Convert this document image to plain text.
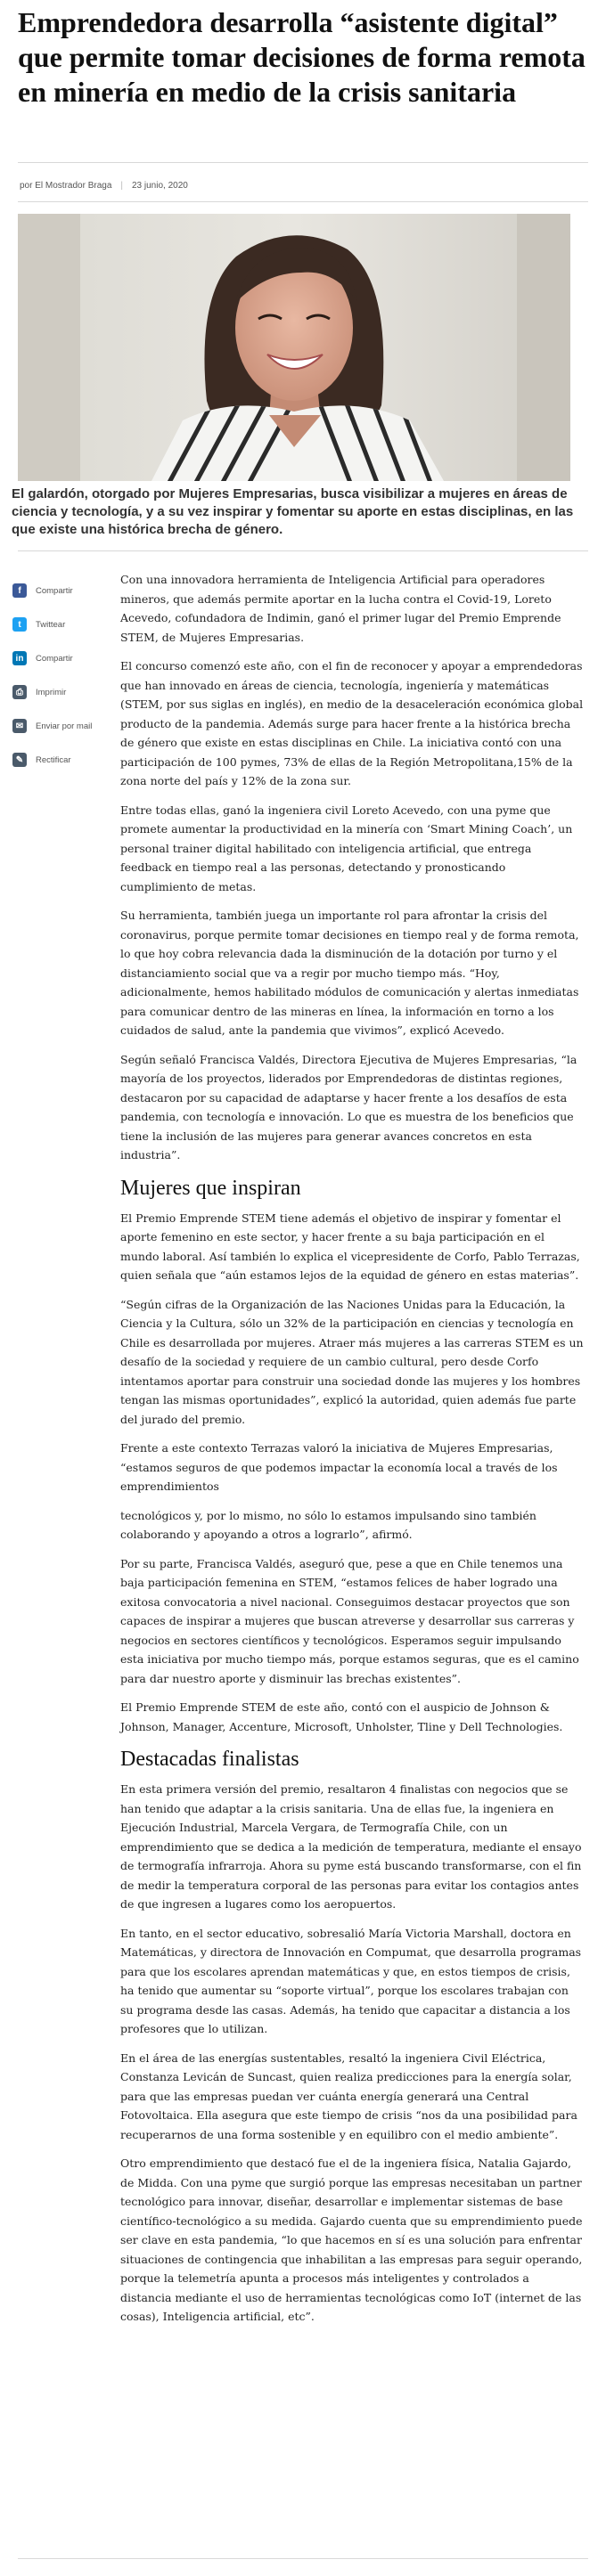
Emprendedora desarrolla “asistente digital” que permite tomar decisiones de forma remota en minería en medio de la crisis sanitaria
por El Mostrador Braga | 23 junio, 2020

El galardón, otorgado por Mujeres Empresarias, busca visibilizar a mujeres en áreas de ciencia y tecnología, y a su vez inspirar y fomentar su aporte en estas disciplinas, en las que existe una histórica brecha de género.

f	Compartir
t	Twittear
in	Compartir
⎙	Imprimir
✉	Enviar por mail
✎	Rectificar

Con una innovadora herramienta de Inteligencia Artificial para operadores mineros, que además permite aportar en la lucha contra el Covid-19, Loreto Acevedo, cofundadora de Indimin, ganó el primer lugar del Premio Emprende STEM, de Mujeres Empresarias.

El concurso comenzó este año, con el fin de reconocer y apoyar a emprendedoras que han innovado en áreas de ciencia, tecnología, ingeniería y matemáticas (STEM, por sus siglas en inglés), en medio de la desaceleración económica global producto de la pandemia. Además surge para hacer frente a la histórica brecha de género que existe en estas disciplinas en Chile. La iniciativa contó con una participación de 100 pymes, 73% de ellas de la Región Metropolitana,15% de la zona norte del país y 12% de la zona sur.

Entre todas ellas, ganó la ingeniera civil Loreto Acevedo, con una pyme que promete aumentar la productividad en la minería con ‘Smart Mining Coach’, un personal trainer digital habilitado con inteligencia artificial, que entrega feedback en tiempo real a las personas, detectando y pronosticando cumplimiento de metas.

Su herramienta, también juega un importante rol para afrontar la crisis del coronavirus, porque permite tomar decisiones en tiempo real y de forma remota, lo que hoy cobra relevancia dada la disminución de la dotación por turno y el distanciamiento social que va a regir por mucho tiempo más. “Hoy, adicionalmente, hemos habilitado módulos de comunicación y alertas inmediatas para comunicar dentro de las mineras en línea, la información en torno a los cuidados de salud, ante la pandemia que vivimos”, explicó Acevedo.

Según señaló Francisca Valdés, Directora Ejecutiva de Mujeres Empresarias, “la mayoría de los proyectos, liderados por Emprendedoras de distintas regiones, destacaron por su capacidad de adaptarse y hacer frente a los desafíos de esta pandemia, con tecnología e innovación. Lo que es muestra de los beneficios que tiene la inclusión de las mujeres para generar avances concretos en esta industria”.

Mujeres que inspiran

El Premio Emprende STEM tiene además el objetivo de inspirar y fomentar el aporte femenino en este sector, y hacer frente a su baja participación en el mundo laboral. Así también lo explica el vicepresidente de Corfo, Pablo Terrazas, quien señala que “aún estamos lejos de la equidad de género en estas materias”.

“Según cifras de la Organización de las Naciones Unidas para la Educación, la Ciencia y la Cultura, sólo un 32% de la participación en ciencias y tecnología en Chile es desarrollada por mujeres. Atraer más mujeres a las carreras STEM es un desafío de la sociedad y requiere de un cambio cultural, pero desde Corfo intentamos aportar para construir una sociedad donde las mujeres y los hombres tengan las mismas oportunidades”, explicó la autoridad, quien además fue parte del jurado del premio.

Frente a este contexto Terrazas valoró la iniciativa de Mujeres Empresarias, “estamos seguros de que podemos impactar la economía local a través de los emprendimientos

tecnológicos y, por lo mismo, no sólo lo estamos impulsando sino también colaborando y apoyando a otros a lograrlo”, afirmó.

Por su parte, Francisca Valdés, aseguró que, pese a que en Chile tenemos una baja participación femenina en STEM, “estamos felices de haber logrado una exitosa convocatoria a nivel nacional. Conseguimos destacar proyectos que son capaces de inspirar a mujeres que buscan atreverse y desarrollar sus carreras y negocios en sectores científicos y tecnológicos. Esperamos seguir impulsando esta iniciativa por mucho tiempo más, porque estamos seguras, que es el camino para dar nuestro aporte y disminuir las brechas existentes”.

El Premio Emprende STEM de este año, contó con el auspicio de Johnson & Johnson, Manager, Accenture, Microsoft, Unholster, Tline y Dell Technologies.

Destacadas finalistas

En esta primera versión del premio, resaltaron 4 finalistas con negocios que se han tenido que adaptar a la crisis sanitaria. Una de ellas fue, la ingeniera en Ejecución Industrial, Marcela Vergara, de Termografía Chile, con un emprendimiento que se dedica a la medición de temperatura, mediante el ensayo de termografía infrarroja. Ahora su pyme está buscando transformarse, con el fin de medir la temperatura corporal de las personas para evitar los contagios antes de que ingresen a lugares como los aeropuertos.

En tanto, en el sector educativo, sobresalió María Victoria Marshall, doctora en Matemáticas, y directora de Innovación en Compumat, que desarrolla programas para que los escolares aprendan matemáticas y que, en estos tiempos de crisis, ha tenido que aumentar su “soporte virtual”, porque los escolares trabajan con su programa desde las casas. Además, ha tenido que capacitar a distancia a los profesores que lo utilizan.

En el área de las energías sustentables, resaltó la ingeniera Civil Eléctrica, Constanza Levicán de Suncast, quien realiza predicciones para la energía solar, para que las empresas puedan ver cuánta energía generará una Central Fotovoltaica. Ella asegura que este tiempo de crisis “nos da una posibilidad para recuperarnos de una forma sostenible y en equilibro con el medio ambiente”.

Otro emprendimiento que destacó fue el de la ingeniera física, Natalia Gajardo, de Midda. Con una pyme que surgió porque las empresas necesitaban un partner tecnológico para innovar, diseñar, desarrollar e implementar sistemas de base científico-tecnológico a su medida. Gajardo cuenta que su emprendimiento puede ser clave en esta pandemia, “lo que hacemos en sí es una solución para enfrentar situaciones de contingencia que inhabilitan a las empresas para seguir operando, porque la telemetría apunta a procesos más inteligentes y controlados a distancia mediante el uso de herramientas tecnológicas como IoT (internet de las cosas), Inteligencia artificial, etc”.
